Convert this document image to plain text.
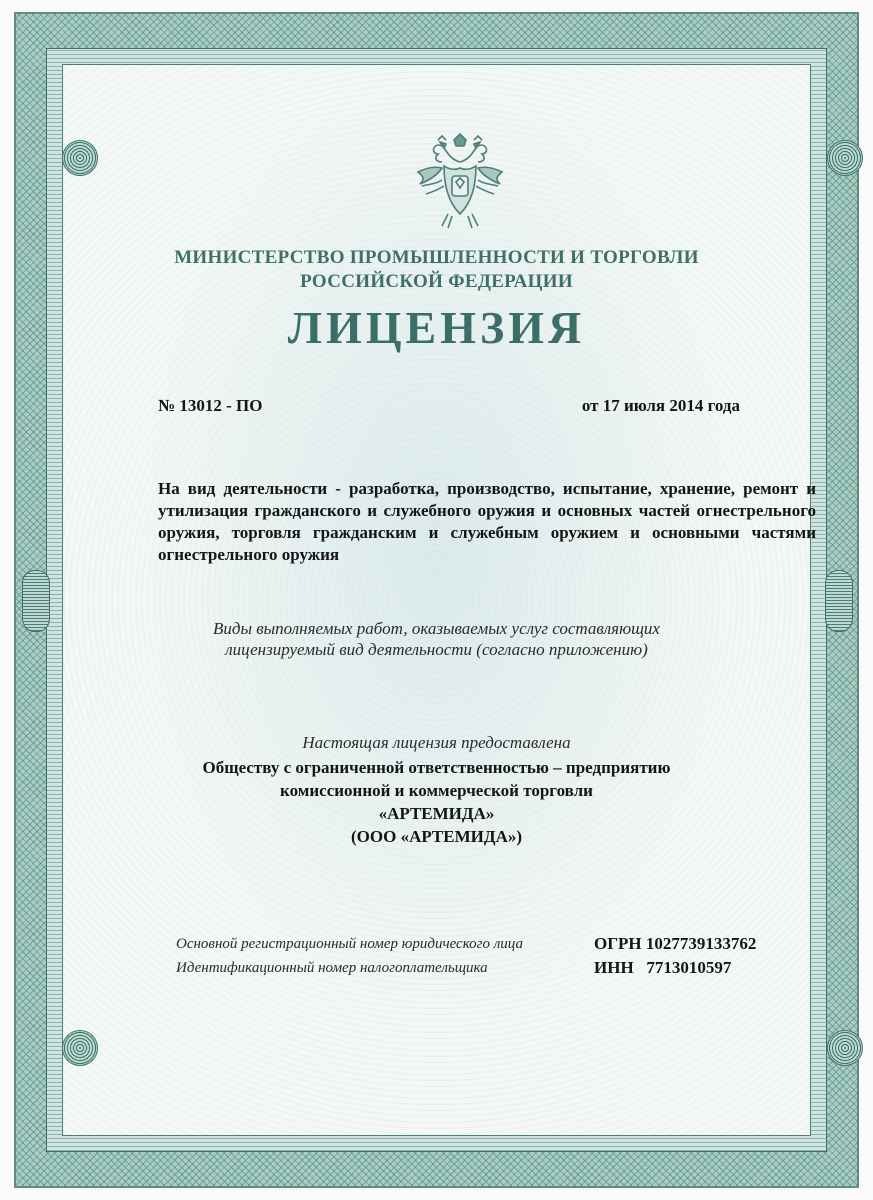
МИНИСТЕРСТВО ПРОМЫШЛЕННОСТИ И ТОРГОВЛИ
РОССИЙСКОЙ ФЕДЕРАЦИИ
ЛИЦЕНЗИЯ
№ 13012 - ПО	от 17 июля 2014 года
На вид деятельности - разработка, производство, испытание, хранение, ремонт и утилизация гражданского и служебного оружия и основных частей огнестрельного оружия, торговля гражданским и служебным оружием и основными частями огнестрельного оружия
Виды выполняемых работ, оказываемых услуг составляющих
лицензируемый вид деятельности (согласно приложению)
Настоящая лицензия предоставлена
Обществу с ограниченной ответственностью – предприятию
комиссионной и коммерческой торговли
«АРТЕМИДА»
(ООО «АРТЕМИДА»)
Основной регистрационный номер юридического лица	ОГРН 1027739133762
Идентификационный номер налогоплательщика	ИНН   7713010597
